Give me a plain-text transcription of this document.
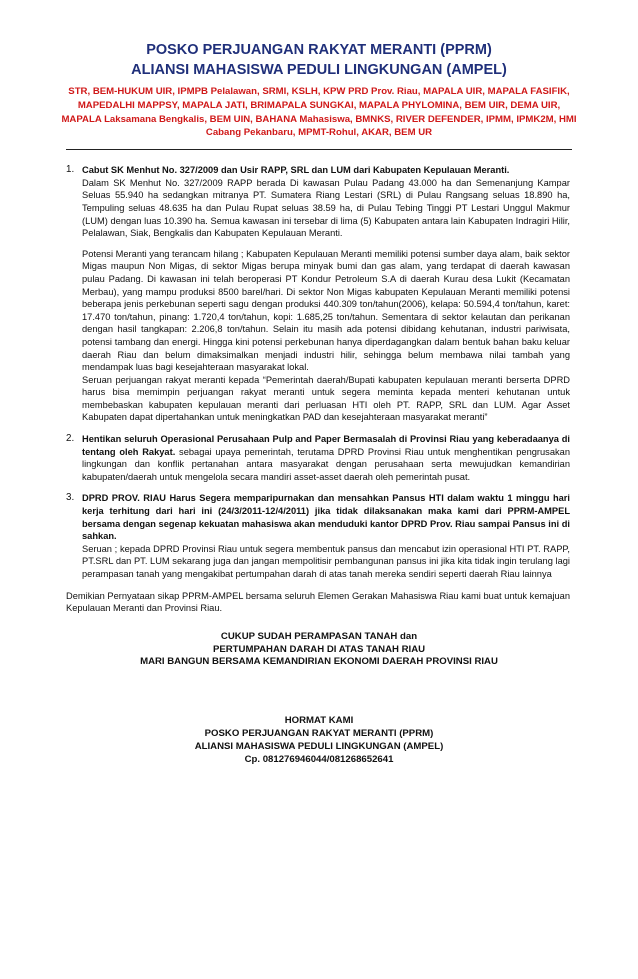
POSKO PERJUANGAN RAKYAT MERANTI (PPRM)
ALIANSI MAHASISWA PEDULI LINGKUNGAN (AMPEL)
STR, BEM-HUKUM UIR, IPMPB Pelalawan, SRMI, KSLH, KPW PRD Prov. Riau, MAPALA UIR, MAPALA FASIFIK,
MAPEDALHI MAPPSY, MAPALA JATI, BRIMAPALA SUNGKAI, MAPALA PHYLOMINA, BEM UIR, DEMA UIR,
MAPALA Laksamana Bengkalis, BEM UIN, BAHANA Mahasiswa, BMNKS, RIVER DEFENDER, IPMM, IPMK2M, HMI
Cabang Pekanbaru, MPMT-Rohul, AKAR, BEM UR
1. Cabut SK Menhut No. 327/2009 dan Usir RAPP, SRL dan LUM dari Kabupaten Kepulauan Meranti.

Dalam SK Menhut No. 327/2009 RAPP berada Di kawasan Pulau Padang 43.000 ha dan Semenanjung Kampar Seluas 55.940 ha sedangkan mitranya PT. Sumatera Riang Lestari (SRL) di Pulau Rangsang seluas 18.890 ha, Tempuling seluas 48.635 ha dan Pulau Rupat seluas 38.59 ha, di Pulau Tebing Tinggi PT Lestari Unggul Makmur (LUM) dengan luas 10.390 ha. Semua kawasan ini tersebar di lima (5) Kabupaten antara lain Kabupaten Indragiri Hilir, Pelalawan, Siak, Bengkalis dan Kabupaten Kepulauan Meranti.

Potensi Meranti yang terancam hilang ; Kabupaten Kepulauan Meranti memiliki potensi sumber daya alam, baik sektor Migas maupun Non Migas, di sektor Migas berupa minyak bumi dan gas alam, yang terdapat di daerah kawasan pulau Padang. Di kawasan ini telah beroperasi PT Kondur Petroleum S.A di daerah Kurau desa Lukit (Kecamatan Merbau), yang mampu produksi 8500 barel/hari. Di sektor Non Migas kabupaten Kepulauan Meranti memiliki potensi beberapa jenis perkebunan seperti sagu dengan produksi 440.309 ton/tahun(2006), kelapa: 50.594,4 ton/tahun, karet: 17.470 ton/tahun, pinang: 1.720,4 ton/tahun, kopi: 1.685,25 ton/tahun. Sementara di sektor kelautan dan perikanan dengan hasil tangkapan: 2.206,8 ton/tahun. Selain itu masih ada potensi dibidang kehutanan, industri pariwisata, potensi tambang dan energi. Hingga kini potensi perkebunan hanya diperdagangkan dalam bentuk bahan baku keluar daerah Riau dan belum dimaksimalkan menjadi industri hilir, sehingga belum membawa nilai tambah yang mendampak luas bagi kesejahteraan masyarakat lokal.

Seruan perjuangan rakyat meranti kepada “Pemerintah daerah/Bupati kabupaten kepulauan meranti berserta DPRD harus bisa memimpin perjuangan rakyat meranti untuk segera meminta kepada menteri kehutanan untuk membebaskan kabupaten kepulauan meranti dari perluasan HTI oleh PT. RAPP, SRL dan LUM. Agar Asset Kabupaten dapat dipertahankan untuk meningkatkan PAD dan kesejahteraan masyarakat meranti”

2. Hentikan seluruh Operasional Perusahaan Pulp and Paper Bermasalah di Provinsi Riau yang keberadaanya di tentang oleh Rakyat. sebagai upaya pemerintah, terutama DPRD Provinsi Riau untuk menghentikan pengrusakan lingkungan dan konflik pertanahan antara masyarakat dengan perusahaan serta mewujudkan kemandirian kabupaten/daerah untuk mengelola secara mandiri asset-asset daerah oleh pemerintah pusat.

3. DPRD PROV. RIAU Harus Segera memparipurnakan dan mensahkan Pansus HTI dalam waktu 1 minggu hari kerja terhitung dari hari ini (24/3/2011-12/4/2011) jika tidak dilaksanakan maka kami dari PPRM-AMPEL bersama dengan segenap kekuatan mahasiswa akan menduduki kantor DPRD Prov. Riau sampai Pansus ini di sahkan.

Seruan ; kepada DPRD Provinsi Riau untuk segera membentuk pansus dan mencabut izin operasional HTI PT. RAPP, PT.SRL dan PT. LUM sekarang juga dan jangan mempolitisir pembangunan pansus ini jika kita tidak ingin terulang lagi perampasan tanah yang mengakibat pertumpahan darah di atas tanah mereka sendiri seperti daerah Riau lainnya

Demikian Pernyataan sikap PPRM-AMPEL bersama seluruh Elemen Gerakan Mahasiswa Riau kami buat untuk kemajuan Kepulauan Meranti dan Provinsi Riau.
CUKUP SUDAH PERAMPASAN TANAH dan
PERTUMPAHAN DARAH DI ATAS TANAH RIAU
MARI BANGUN BERSAMA KEMANDIRIAN EKONOMI DAERAH PROVINSI RIAU
HORMAT KAMI
POSKO PERJUANGAN RAKYAT MERANTI (PPRM)
ALIANSI MAHASISWA PEDULI LINGKUNGAN (AMPEL)
Cp. 081276946044/081268652641
